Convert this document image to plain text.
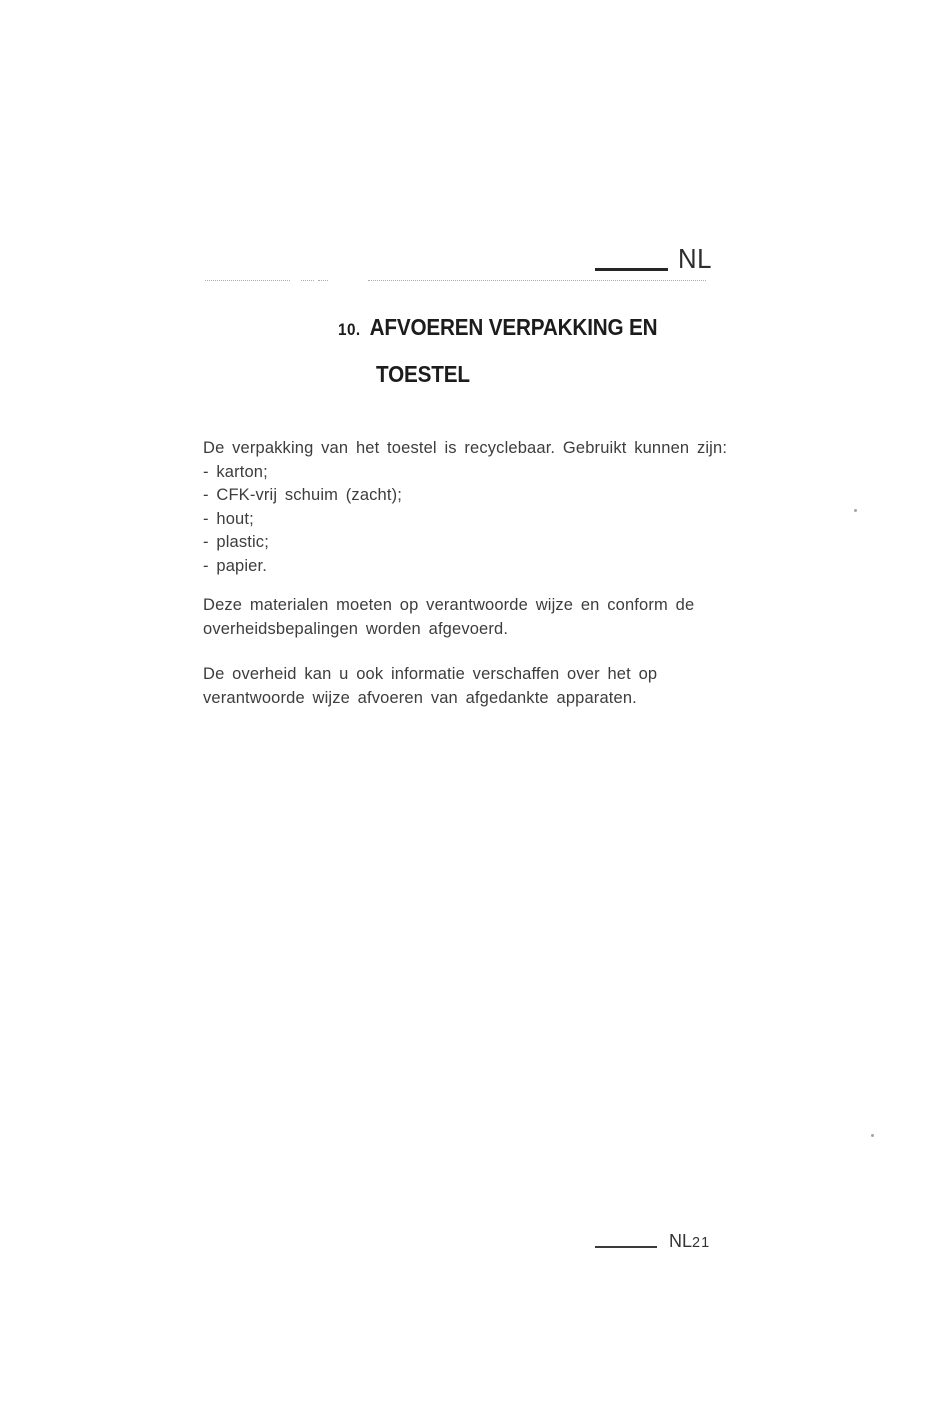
NL
10. AFVOEREN VERPAKKING EN
TOESTEL
De verpakking van het toestel is recyclebaar. Gebruikt kunnen zijn:
- karton;
- CFK-vrij schuim (zacht);
- hout;
- plastic;
- papier.
Deze materialen moeten op verantwoorde wijze en conform de
overheidsbepalingen worden afgevoerd.
De overheid kan u ook informatie verschaffen over het op
verantwoorde wijze afvoeren van afgedankte apparaten.
NL21
